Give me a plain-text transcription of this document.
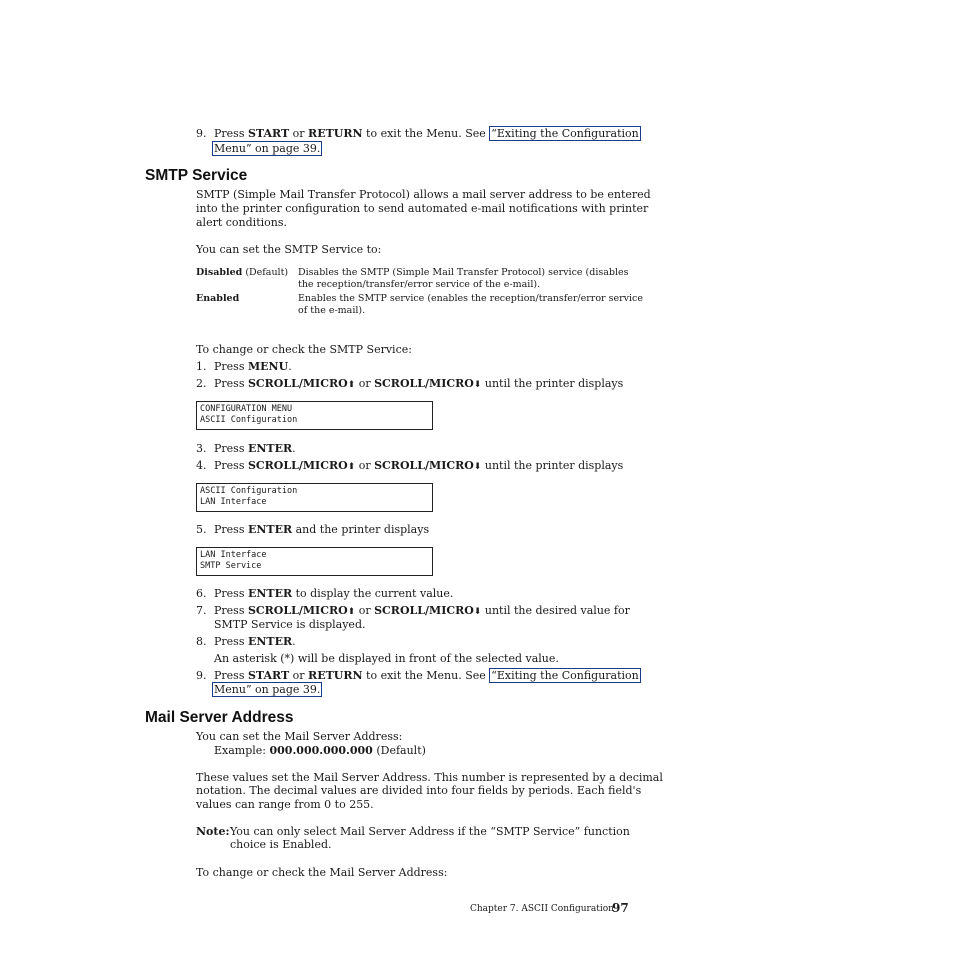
9. Press START or RETURN to exit the Menu. See “Exiting the Configuration
Menu” on page 39.
SMTP Service
SMTP (Simple Mail Transfer Protocol) allows a mail server address to be entered
into the printer configuration to send automated e-mail notifications with printer
alert conditions.
You can set the SMTP Service to:
Disabled (Default) Disables the SMTP (Simple Mail Transfer Protocol) service (disables
the reception/transfer/error service of the e-mail).
Enabled	Enables the SMTP service (enables the reception/transfer/error service
of the e-mail).
To change or check the SMTP Service:
1. Press MENU.
2. Press SCROLL/MICRO⬆ or SCROLL/MICRO⬇ until the printer displays
CONFIGURATION MENU
ASCII Configuration
3. Press ENTER.
4. Press SCROLL/MICRO⬆ or SCROLL/MICRO⬇ until the printer displays
ASCII Configuration
LAN Interface
5. Press ENTER and the printer displays
LAN Interface
SMTP Service
6. Press ENTER to display the current value.
7. Press SCROLL/MICRO⬆ or SCROLL/MICRO⬇ until the desired value for
SMTP Service is displayed.
8. Press ENTER.
An asterisk (*) will be displayed in front of the selected value.
9. Press START or RETURN to exit the Menu. See “Exiting the Configuration
Menu” on page 39.
Mail Server Address
You can set the Mail Server Address:
Example: 000.000.000.000 (Default)
These values set the Mail Server Address. This number is represented by a decimal
notation. The decimal values are divided into four fields by periods. Each field's
values can range from 0 to 255.
Note: You can only select Mail Server Address if the “SMTP Service” function
choice is Enabled.
To change or check the Mail Server Address:
Chapter 7. ASCII Configuration
97
